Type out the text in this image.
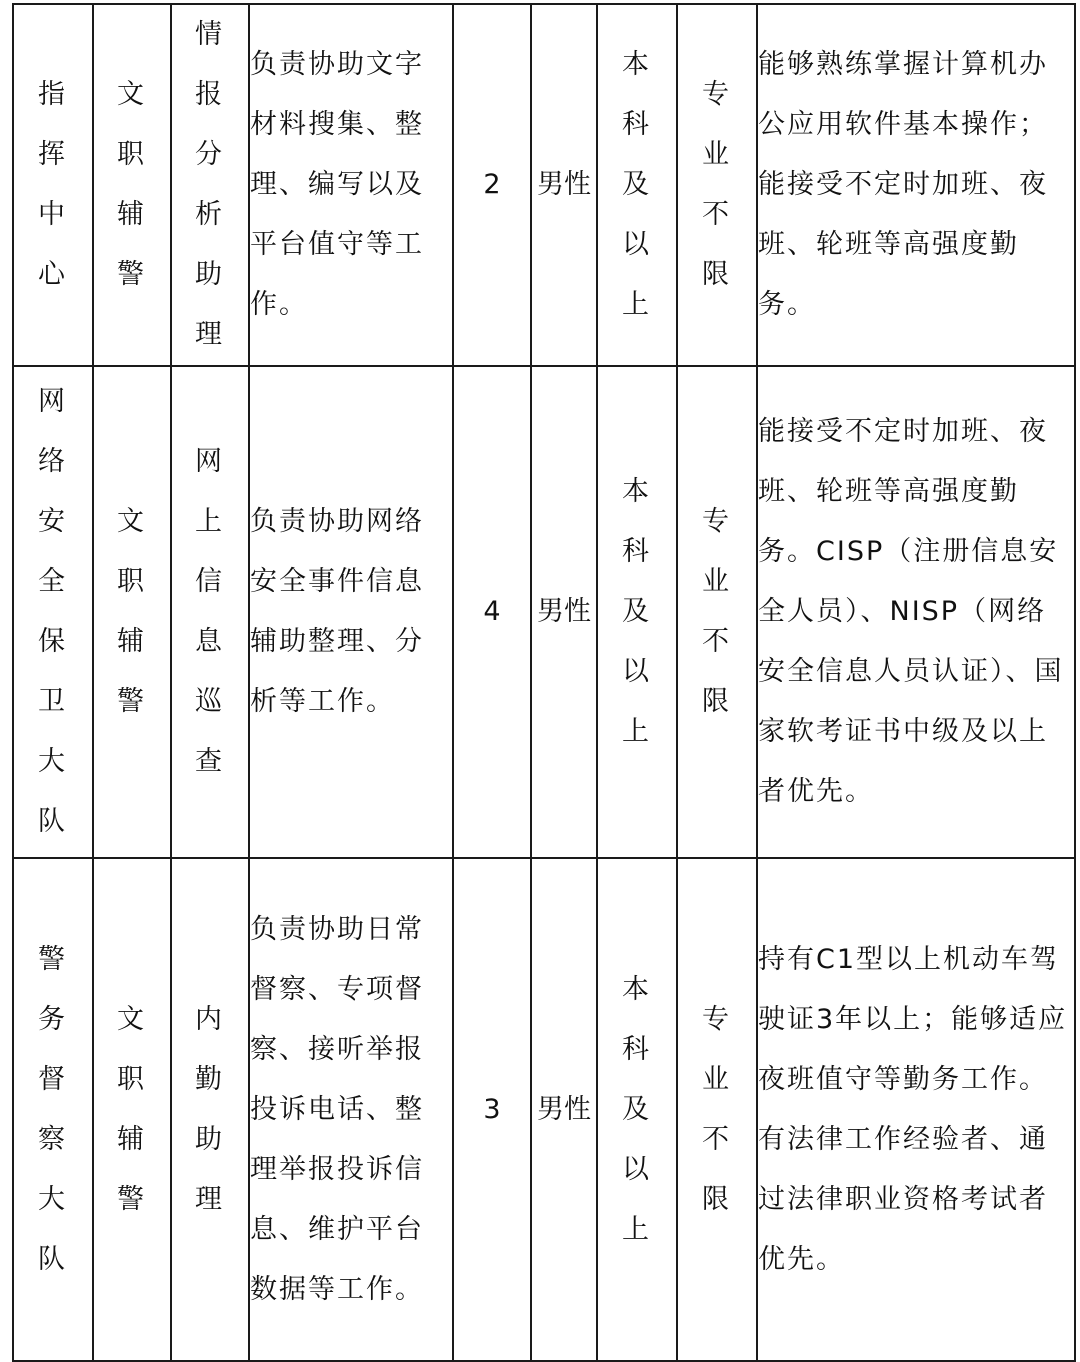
指挥中心	文职辅警	情报分析助理	负责协助文字材料搜集、整理、编写以及平台值守等工作。	2	男性	本科及以上	专业不限	能够熟练掌握计算机办公应用软件基本操作；能接受不定时加班、夜班、轮班等高强度勤务。

网络安全保卫大队	文职辅警	网上信息巡查	负责协助网络安全事件信息辅助整理、分析等工作。	4	男性	本科及以上	专业不限	能接受不定时加班、夜班、轮班等高强度勤务。CISP（注册信息安全人员）、NISP（网络安全信息人员认证）、国家软考证书中级及以上者优先。

警务督察大队	文职辅警	内勤助理	负责协助日常督察、专项督察、接听举报投诉电话、整理举报投诉信息、维护平台数据等工作。	3	男性	本科及以上	专业不限	持有C1型以上机动车驾驶证3年以上；能够适应夜班值守等勤务工作。有法律工作经验者、通过法律职业资格考试者优先。
